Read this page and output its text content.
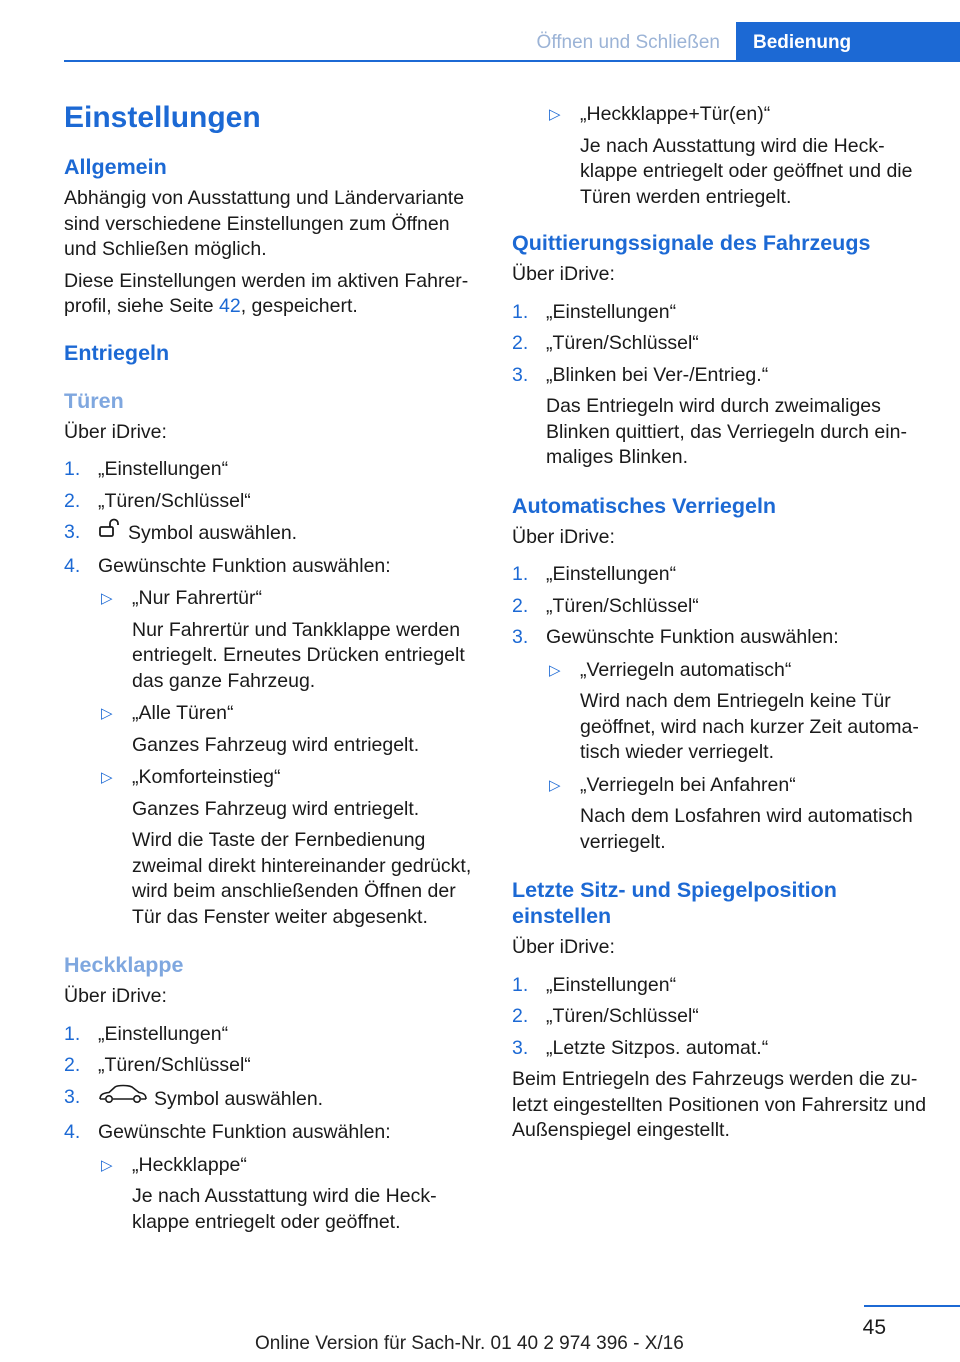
Öffnen und Schließen	Bedienung
Einstellungen
Allgemein
Abhängig von Ausstattung und Ländervariante sind verschiedene Einstellungen zum Öffnen und Schließen möglich.
Diese Einstellungen werden im aktiven Fahrerprofil, siehe Seite 42, gespeichert.
Entriegeln
Türen
Über iDrive:
1. „Einstellungen“
2. „Türen/Schlüssel“
3. Symbol auswählen.
4. Gewünschte Funktion auswählen:
▷ „Nur Fahrertür“
Nur Fahrertür und Tankklappe werden entriegelt. Erneutes Drücken entriegelt das ganze Fahrzeug.
▷ „Alle Türen“
Ganzes Fahrzeug wird entriegelt.
▷ „Komforteinstieg“
Ganzes Fahrzeug wird entriegelt.
Wird die Taste der Fernbedienung zweimal direkt hintereinander gedrückt, wird beim anschließenden Öffnen der Tür das Fenster weiter abgesenkt.
Heckklappe
Über iDrive:
1. „Einstellungen“
2. „Türen/Schlüssel“
3.	Symbol auswählen.
4. Gewünschte Funktion auswählen:
▷ „Heckklappe“
Je nach Ausstattung wird die Heckklappe entriegelt oder geöffnet.
▷ „Heckklappe+Tür(en)“
Je nach Ausstattung wird die Heckklappe entriegelt oder geöffnet und die Türen werden entriegelt.
Quittierungssignale des Fahrzeugs
Über iDrive:
1. „Einstellungen“
2. „Türen/Schlüssel“
3. „Blinken bei Ver-/Entrieg.“
Das Entriegeln wird durch zweimaliges Blinken quittiert, das Verriegeln durch einmaliges Blinken.
Automatisches Verriegeln
Über iDrive:
1. „Einstellungen“
2. „Türen/Schlüssel“
3. Gewünschte Funktion auswählen:
▷ „Verriegeln automatisch“
Wird nach dem Entriegeln keine Tür geöffnet, wird nach kurzer Zeit automatisch wieder verriegelt.
▷ „Verriegeln bei Anfahren“
Nach dem Losfahren wird automatisch verriegelt.
Letzte Sitz- und Spiegelposition einstellen
Über iDrive:
1. „Einstellungen“
2. „Türen/Schlüssel“
3. „Letzte Sitzpos. automat.“
Beim Entriegeln des Fahrzeugs werden die zuletzt eingestellten Positionen von Fahrersitz und Außenspiegel eingestellt.
45
Online Version für Sach-Nr. 01 40 2 974 396 - X/16
